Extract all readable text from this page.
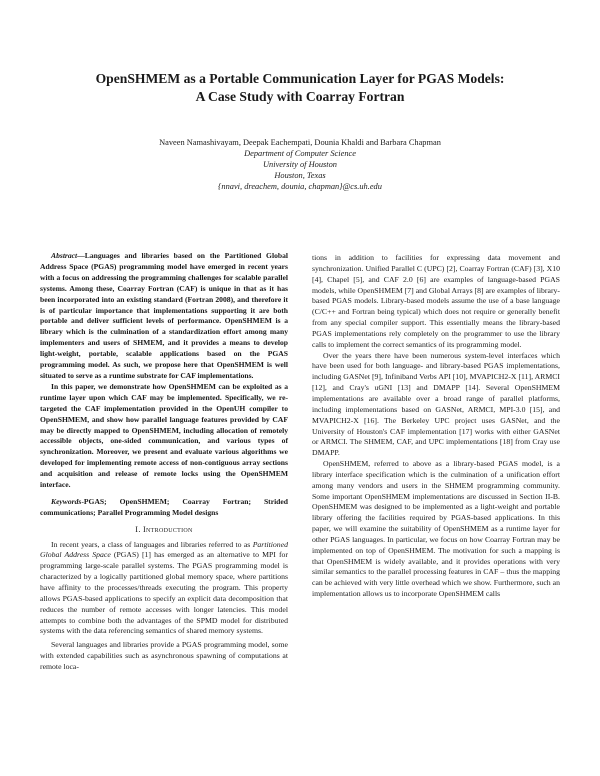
OpenSHMEM as a Portable Communication Layer for PGAS Models:
A Case Study with Coarray Fortran
Naveen Namashivayam, Deepak Eachempati, Dounia Khaldi and Barbara Chapman
Department of Computer Science
University of Houston
Houston, Texas
{nnavi, dreachem, dounia, chapman}@cs.uh.edu

Abstract—Languages and libraries based on the Partitioned Global Address Space (PGAS) programming model have emerged in recent years with a focus on addressing the programming challenges for scalable parallel systems. Among these, Coarray Fortran (CAF) is unique in that as it has been incorporated into an existing standard (Fortran 2008), and therefore it is of particular importance that implementations supporting it are both portable and deliver sufficient levels of performance. OpenSHMEM is a library which is the culmination of a standardization effort among many implementers and users of SHMEM, and it provides a means to develop light-weight, portable, scalable applications based on the PGAS programming model. As such, we propose here that OpenSHMEM is well situated to serve as a runtime substrate for CAF implementations.

In this paper, we demonstrate how OpenSHMEM can be exploited as a runtime layer upon which CAF may be implemented. Specifically, we re-targeted the CAF implementation provided in the OpenUH compiler to OpenSHMEM, and show how parallel language features provided by CAF may be directly mapped to OpenSHMEM, including allocation of remotely accessible objects, one-sided communication, and various types of synchronization. Moreover, we present and evaluate various algorithms we developed for implementing remote access of non-contiguous array sections and acquisition and release of remote locks using the OpenSHMEM interface.

Keywords-PGAS; OpenSHMEM; Coarray Fortran; Strided communications; Parallel Programming Model designs

I. Introduction

In recent years, a class of languages and libraries referred to as Partitioned Global Address Space (PGAS) [1] has emerged as an alternative to MPI for programming large-scale parallel systems. The PGAS programming model is characterized by a logically partitioned global memory space, where partitions have affinity to the processes/threads executing the program. This property allows PGAS-based applications to specify an explicit data decomposition that reduces the number of remote accesses with longer latencies. This model attempts to combine both the advantages of the SPMD model for distributed systems with the data referencing semantics of shared memory systems.

Several languages and libraries provide a PGAS programming model, some with extended capabilities such as asynchronous spawning of computations at remote loca-

tions in addition to facilities for expressing data movement and synchronization. Unified Parallel C (UPC) [2], Coarray Fortran (CAF) [3], X10 [4], Chapel [5], and CAF 2.0 [6] are examples of language-based PGAS models, while OpenSHMEM [7] and Global Arrays [8] are examples of library-based PGAS models. Library-based models assume the use of a base language (C/C++ and Fortran being typical) which does not require or generally benefit from any special compiler support. This essentially means the library-based PGAS implementations rely completely on the programmer to use the library calls to implement the correct semantics of its programming model.

Over the years there have been numerous system-level interfaces which have been used for both language- and library-based PGAS implementations, including GASNet [9], Infiniband Verbs API [10], MVAPICH2-X [11], ARMCI [12], and Cray's uGNI [13] and DMAPP [14]. Several OpenSHMEM implementations are available over a broad range of parallel platforms, including implementations based on GASNet, ARMCI, MPI-3.0 [15], and MVAPICH2-X [16]. The Berkeley UPC project uses GASNet, and the University of Houston's CAF implementation [17] works with either GASNet or ARMCI. The SHMEM, CAF, and UPC implementations [18] from Cray use DMAPP.

OpenSHMEM, referred to above as a library-based PGAS model, is a library interface specification which is the culmination of a unification effort among many vendors and users in the SHMEM programming community. Some important OpenSHMEM implementations are discussed in Section II-B. OpenSHMEM was designed to be implemented as a light-weight and portable library offering the facilities required by PGAS-based applications. In this paper, we will examine the suitability of OpenSHMEM as a runtime layer for other PGAS languages. In particular, we focus on how Coarray Fortran may be implemented on top of OpenSHMEM. The motivation for such a mapping is that OpenSHMEM is widely available, and it provides operations with very similar semantics to the parallel processing features in CAF – thus the mapping can be achieved with very little overhead which we show. Furthermore, such an implementation allows us to incorporate OpenSHMEM calls
